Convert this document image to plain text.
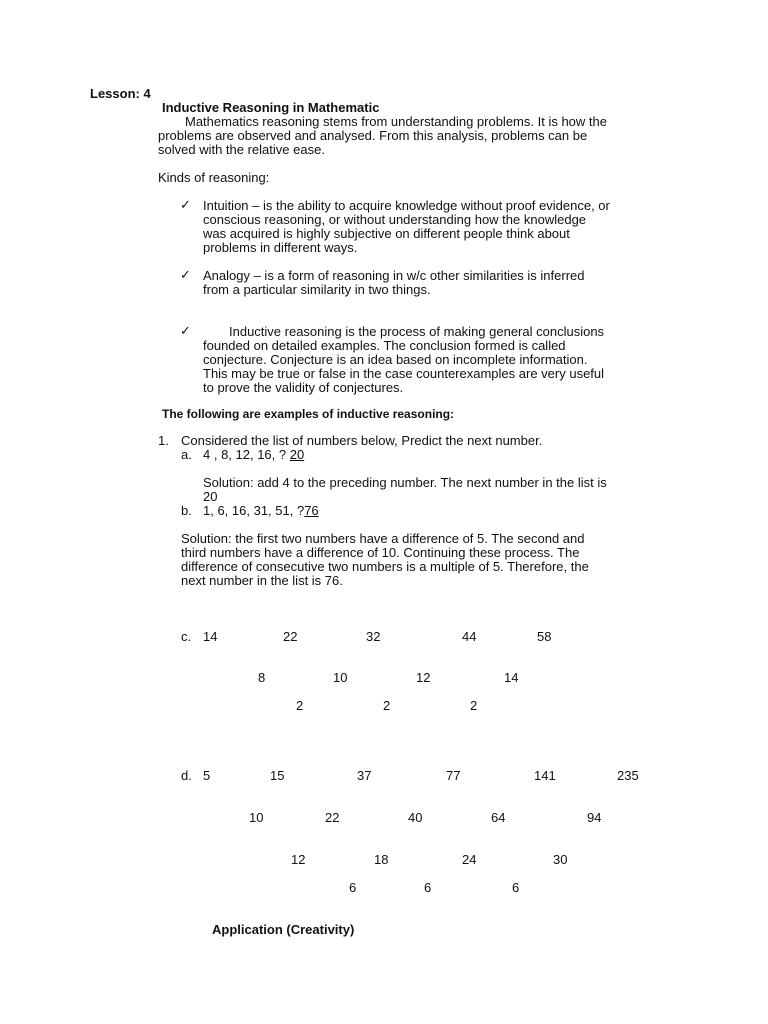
Lesson: 4
Inductive Reasoning in Mathematic
Mathematics reasoning stems from understanding problems. It is how the
problems are observed and analysed. From this analysis, problems can be
solved with the relative ease.
Kinds of reasoning:
✓ Intuition – is the ability to acquire knowledge without proof evidence, or
conscious reasoning, or without understanding how the knowledge
was acquired is highly subjective on different people think about
problems in different ways.
✓ Analogy – is a form of reasoning in w/c other similarities is inferred
from a particular similarity in two things.
✓	Inductive reasoning is the process of making general conclusions
founded on detailed examples. The conclusion formed is called
conjecture. Conjecture is an idea based on incomplete information.
This may be true or false in the case counterexamples are very useful
to prove the validity of conjectures.
The following are examples of inductive reasoning:
1. Considered the list of numbers below, Predict the next number.
a. 4 , 8, 12, 16, ? 20
Solution: add 4 to the preceding number. The next number in the list is
20
b. 1, 6, 16, 31, 51, ?76
Solution: the first two numbers have a difference of 5. The second and
third numbers have a difference of 10. Continuing these process. The
difference of consecutive two numbers is a multiple of 5. Therefore, the
next number in the list is 76.
c. 14	22	32	44	58
8	10	12	14
2	2	2
d. 5	15	37	77	141	235
10	22	40	64	94
12	18	24	30
6	6	6
Application (Creativity)
